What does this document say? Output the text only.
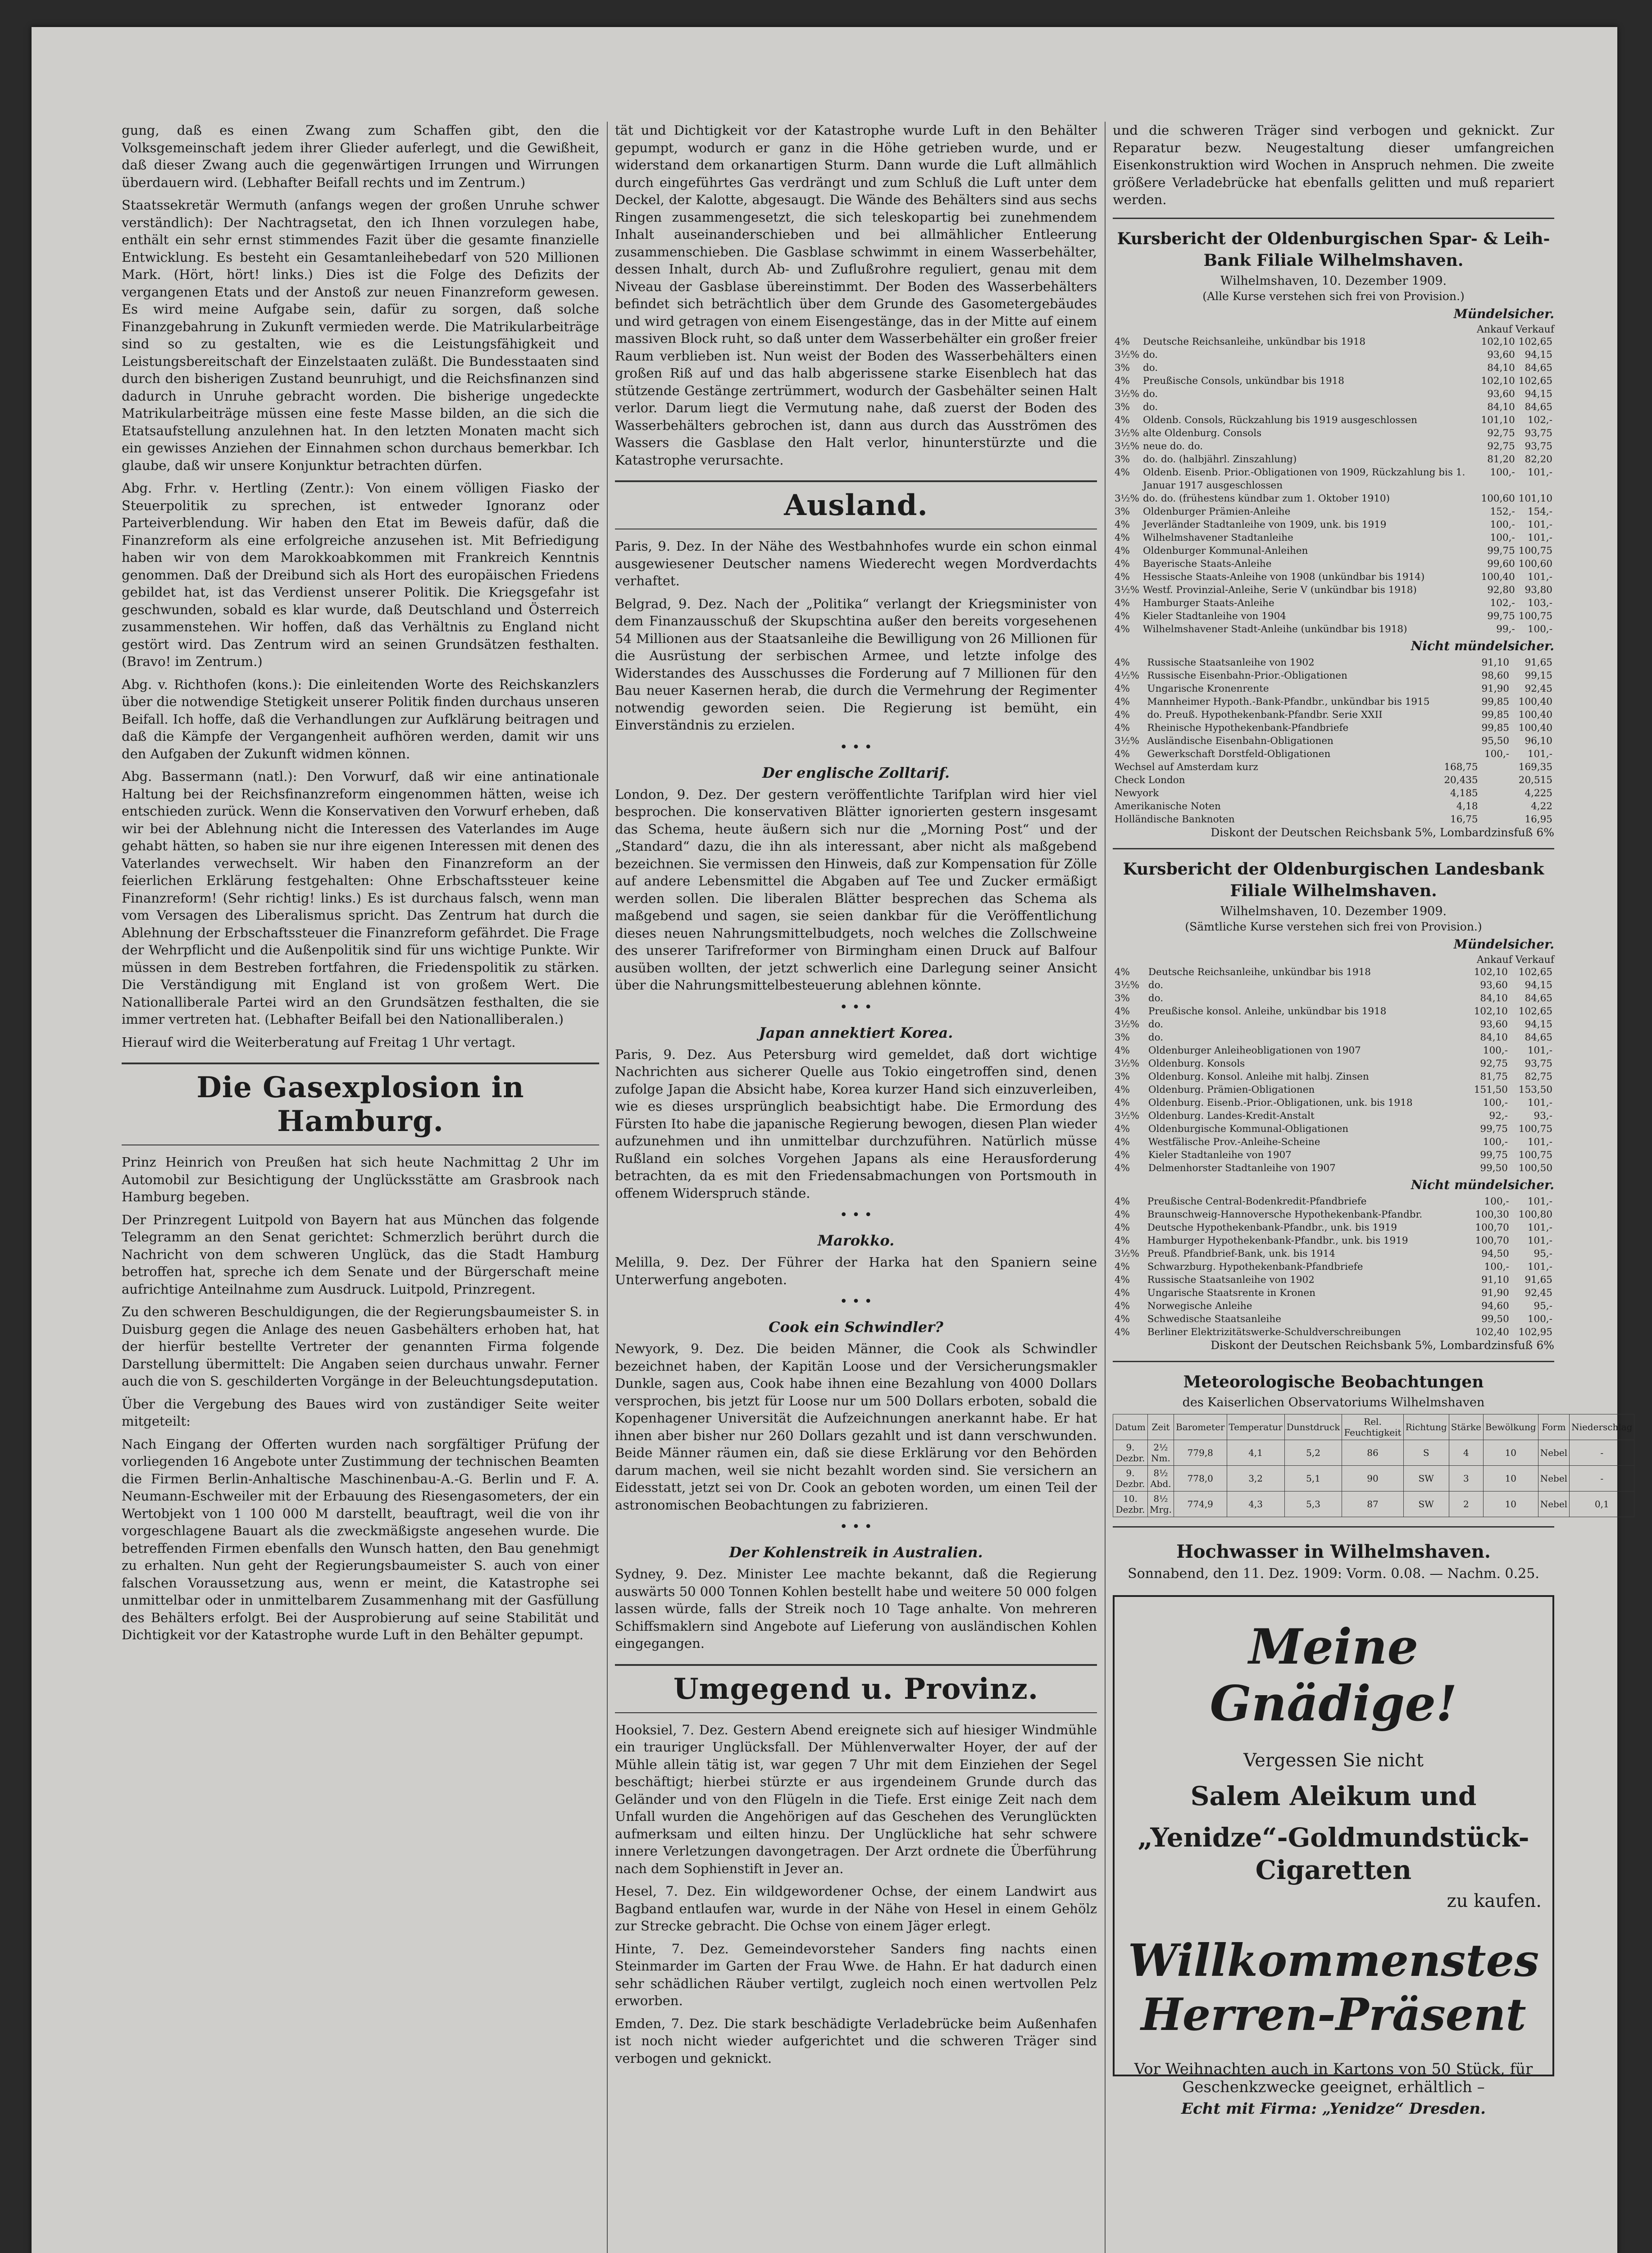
gung, daß es einen Zwang zum Schaffen gibt, den die Volksgemeinschaft jedem ihrer Glieder auferlegt, und die Gewißheit, daß dieser Zwang auch die gegenwärtigen Irrungen und Wirrungen überdauern wird. (Lebhafter Beifall rechts und im Zentrum.)

Staatssekretär Wermuth (anfangs wegen der großen Unruhe schwer verständlich): Der Nachtragsetat, den ich Ihnen vorzulegen habe, enthält ein sehr ernst stimmendes Fazit über die gesamte finanzielle Entwicklung. Es besteht ein Gesamtanleihebedarf von 520 Millionen Mark. (Hört, hört! links.) Dies ist die Folge des Defizits der vergangenen Etats und der Anstoß zur neuen Finanzreform gewesen. Es wird meine Aufgabe sein, dafür zu sorgen, daß solche Finanzgebahrung in Zukunft vermieden werde. Die Matrikularbeiträge sind so zu gestalten, wie es die Leistungsfähigkeit und Leistungsbereitschaft der Einzelstaaten zuläßt. Die Bundesstaaten sind durch den bisherigen Zustand beunruhigt, und die Reichsfinanzen sind dadurch in Unruhe gebracht worden. Die bisherige ungedeckte Matrikularbeiträge müssen eine feste Masse bilden, an die sich die Etatsaufstellung anzulehnen hat. In den letzten Monaten macht sich ein gewisses Anziehen der Einnahmen schon durchaus bemerkbar. Ich glaube, daß wir unsere Konjunktur betrachten dürfen.

Abg. Frhr. v. Hertling (Zentr.): Von einem völligen Fiasko der Steuerpolitik zu sprechen, ist entweder Ignoranz oder Parteiverblendung. Wir haben den Etat im Beweis dafür, daß die Finanzreform als eine erfolgreiche anzusehen ist. Mit Befriedigung haben wir von dem Marokkoabkommen mit Frankreich Kenntnis genommen. Daß der Dreibund sich als Hort des europäischen Friedens gebildet hat, ist das Verdienst unserer Politik. Die Kriegsgefahr ist geschwunden, sobald es klar wurde, daß Deutschland und Österreich zusammenstehen. Wir hoffen, daß das Verhältnis zu England nicht gestört wird. Das Zentrum wird an seinen Grundsätzen festhalten. (Bravo! im Zentrum.)

Abg. v. Richthofen (kons.): Die einleitenden Worte des Reichskanzlers über die notwendige Stetigkeit unserer Politik finden durchaus unseren Beifall. Ich hoffe, daß die Verhandlungen zur Aufklärung beitragen und daß die Kämpfe der Vergangenheit aufhören werden, damit wir uns den Aufgaben der Zukunft widmen können.

Abg. Bassermann (natl.): Den Vorwurf, daß wir eine antinationale Haltung bei der Reichsfinanzreform eingenommen hätten, weise ich entschieden zurück. Wenn die Konservativen den Vorwurf erheben, daß wir bei der Ablehnung nicht die Interessen des Vaterlandes im Auge gehabt hätten, so haben sie nur ihre eigenen Interessen mit denen des Vaterlandes verwechselt. Wir haben den Finanzreform an der feierlichen Erklärung festgehalten: Ohne Erbschaftssteuer keine Finanzreform! (Sehr richtig! links.) Es ist durchaus falsch, wenn man vom Versagen des Liberalismus spricht. Das Zentrum hat durch die Ablehnung der Erbschaftssteuer die Finanzreform gefährdet. Die Frage der Wehrpflicht und die Außenpolitik sind für uns wichtige Punkte. Wir müssen in dem Bestreben fortfahren, die Friedenspolitik zu stärken. Die Verständigung mit England ist von großem Wert. Die Nationalliberale Partei wird an den Grundsätzen festhalten, die sie immer vertreten hat. (Lebhafter Beifall bei den Nationalliberalen.)

Hierauf wird die Weiterberatung auf Freitag 1 Uhr vertagt.

Die Gasexplosion in Hamburg.

Prinz Heinrich von Preußen hat sich heute Nachmittag 2 Uhr im Automobil zur Besichtigung der Unglücksstätte am Grasbrook nach Hamburg begeben.

Der Prinzregent Luitpold von Bayern hat aus München das folgende Telegramm an den Senat gerichtet: Schmerzlich berührt durch die Nachricht von dem schweren Unglück, das die Stadt Hamburg betroffen hat, spreche ich dem Senate und der Bürgerschaft meine aufrichtige Anteilnahme zum Ausdruck. Luitpold, Prinzregent.

Zu den schweren Beschuldigungen, die der Regierungsbaumeister S. in Duisburg gegen die Anlage des neuen Gasbehälters erhoben hat, hat der hierfür bestellte Vertreter der genannten Firma folgende Darstellung übermittelt: Die Angaben seien durchaus unwahr. Ferner auch die von S. geschilderten Vorgänge in der Beleuchtungsdeputation.

Über die Vergebung des Baues wird von zuständiger Seite weiter mitgeteilt:

Nach Eingang der Offerten wurden nach sorgfältiger Prüfung der vorliegenden 16 Angebote unter Zustimmung der technischen Beamten die Firmen Berlin-Anhaltische Maschinenbau-A.-G. Berlin und F. A. Neumann-Eschweiler mit der Erbauung des Riesengasometers, der ein Wertobjekt von 1 100 000 M darstellt, beauftragt, weil die von ihr vorgeschlagene Bauart als die zweckmäßigste angesehen wurde. Die betreffenden Firmen ebenfalls den Wunsch hatten, den Bau genehmigt zu erhalten. Nun geht der Regierungsbaumeister S. auch von einer falschen Voraussetzung aus, wenn er meint, die Katastrophe sei unmittelbar oder in unmittelbarem Zusammenhang mit der Gasfüllung des Behälters erfolgt. Bei der Ausprobierung auf seine Stabilität und Dichtigkeit vor der Katastrophe wurde Luft in den Behälter gepumpt.

tät und Dichtigkeit vor der Katastrophe wurde Luft in den Behälter gepumpt, wodurch er ganz in die Höhe getrieben wurde, und er widerstand dem orkanartigen Sturm. Dann wurde die Luft allmählich durch eingeführtes Gas verdrängt und zum Schluß die Luft unter dem Deckel, der Kalotte, abgesaugt. Die Wände des Behälters sind aus sechs Ringen zusammengesetzt, die sich teleskopartig bei zunehmendem Inhalt auseinanderschieben und bei allmählicher Entleerung zusammenschieben. Die Gasblase schwimmt in einem Wasserbehälter, dessen Inhalt, durch Ab- und Zuflußrohre reguliert, genau mit dem Niveau der Gasblase übereinstimmt. Der Boden des Wasserbehälters befindet sich beträchtlich über dem Grunde des Gasometergebäudes und wird getragen von einem Eisengestänge, das in der Mitte auf einem massiven Block ruht, so daß unter dem Wasserbehälter ein großer freier Raum verblieben ist. Nun weist der Boden des Wasserbehälters einen großen Riß auf und das halb abgerissene starke Eisenblech hat das stützende Gestänge zertrümmert, wodurch der Gasbehälter seinen Halt verlor. Darum liegt die Vermutung nahe, daß zuerst der Boden des Wasserbehälters gebrochen ist, dann aus durch das Ausströmen des Wassers die Gasblase den Halt verlor, hinunterstürzte und die Katastrophe verursachte.

Ausland.

Paris, 9. Dez. In der Nähe des Westbahnhofes wurde ein schon einmal ausgewiesener Deutscher namens Wiederecht wegen Mordverdachts verhaftet.

Belgrad, 9. Dez. Nach der „Politika“ verlangt der Kriegsminister von dem Finanzausschuß der Skupschtina außer den bereits vorgesehenen 54 Millionen aus der Staatsanleihe die Bewilligung von 26 Millionen für die Ausrüstung der serbischen Armee, und letzte infolge des Widerstandes des Ausschusses die Forderung auf 7 Millionen für den Bau neuer Kasernen herab, die durch die Vermehrung der Regimenter notwendig geworden seien. Die Regierung ist bemüht, ein Einverständnis zu erzielen.

• • •
Der englische Zolltarif.

London, 9. Dez. Der gestern veröffentlichte Tarifplan wird hier viel besprochen. Die konservativen Blätter ignorierten gestern insgesamt das Schema, heute äußern sich nur die „Morning Post“ und der „Standard“ dazu, die ihn als interessant, aber nicht als maßgebend bezeichnen. Sie vermissen den Hinweis, daß zur Kompensation für Zölle auf andere Lebensmittel die Abgaben auf Tee und Zucker ermäßigt werden sollen. Die liberalen Blätter besprechen das Schema als maßgebend und sagen, sie seien dankbar für die Veröffentlichung dieses neuen Nahrungsmittelbudgets, noch welches die Zollschweine des unserer Tarifreformer von Birmingham einen Druck auf Balfour ausüben wollten, der jetzt schwerlich eine Darlegung seiner Ansicht über die Nahrungsmittelbesteuerung ablehnen könnte.

• • •
Japan annektiert Korea.

Paris, 9. Dez. Aus Petersburg wird gemeldet, daß dort wichtige Nachrichten aus sicherer Quelle aus Tokio eingetroffen sind, denen zufolge Japan die Absicht habe, Korea kurzer Hand sich einzuverleiben, wie es dieses ursprünglich beabsichtigt habe. Die Ermordung des Fürsten Ito habe die japanische Regierung bewogen, diesen Plan wieder aufzunehmen und ihn unmittelbar durchzuführen. Natürlich müsse Rußland ein solches Vorgehen Japans als eine Herausforderung betrachten, da es mit den Friedensabmachungen von Portsmouth in offenem Widerspruch stände.

• • •
Marokko.

Melilla, 9. Dez. Der Führer der Harka hat den Spaniern seine Unterwerfung angeboten.

• • •
Cook ein Schwindler?

Newyork, 9. Dez. Die beiden Männer, die Cook als Schwindler bezeichnet haben, der Kapitän Loose und der Versicherungsmakler Dunkle, sagen aus, Cook habe ihnen eine Bezahlung von 4000 Dollars versprochen, bis jetzt für Loose nur um 500 Dollars erboten, sobald die Kopenhagener Universität die Aufzeichnungen anerkannt habe. Er hat ihnen aber bisher nur 260 Dollars gezahlt und ist dann verschwunden. Beide Männer räumen ein, daß sie diese Erklärung vor den Behörden darum machen, weil sie nicht bezahlt worden sind. Sie versichern an Eidesstatt, jetzt sei von Dr. Cook an geboten worden, um einen Teil der astronomischen Beobachtungen zu fabrizieren.

• • •
Der Kohlenstreik in Australien.

Sydney, 9. Dez. Minister Lee machte bekannt, daß die Regierung auswärts 50 000 Tonnen Kohlen bestellt habe und weitere 50 000 folgen lassen würde, falls der Streik noch 10 Tage anhalte. Von mehreren Schiffsmaklern sind Angebote auf Lieferung von ausländischen Kohlen eingegangen.

Umgegend u. Provinz.

Hooksiel, 7. Dez. Gestern Abend ereignete sich auf hiesiger Windmühle ein trauriger Unglücksfall. Der Mühlenverwalter Hoyer, der auf der Mühle allein tätig ist, war gegen 7 Uhr mit dem Einziehen der Segel beschäftigt; hierbei stürzte er aus irgendeinem Grunde durch das Geländer und von den Flügeln in die Tiefe. Erst einige Zeit nach dem Unfall wurden die Angehörigen auf das Geschehen des Verunglückten aufmerksam und eilten hinzu. Der Unglückliche hat sehr schwere innere Verletzungen davongetragen. Der Arzt ordnete die Überführung nach dem Sophienstift in Jever an.

Hesel, 7. Dez. Ein wildgewordener Ochse, der einem Landwirt aus Bagband entlaufen war, wurde in der Nähe von Hesel in einem Gehölz zur Strecke gebracht. Die Ochse von einem Jäger erlegt.

Hinte, 7. Dez. Gemeindevorsteher Sanders fing nachts einen Steinmarder im Garten der Frau Wwe. de Hahn. Er hat dadurch einen sehr schädlichen Räuber vertilgt, zugleich noch einen wertvollen Pelz erworben.

Emden, 7. Dez. Die stark beschädigte Verladebrücke beim Außenhafen ist noch nicht wieder aufgerichtet und die schweren Träger sind verbogen und geknickt.

und die schweren Träger sind verbogen und geknickt. Zur Reparatur bezw. Neugestaltung dieser umfangreichen Eisenkonstruktion wird Wochen in Anspruch nehmen. Die zweite größere Verladebrücke hat ebenfalls gelitten und muß repariert werden.

Kursbericht der Oldenburgischen Spar- & Leih-Bank Filiale Wilhelmshaven.
Wilhelmshaven, 10. Dezember 1909.
(Alle Kurse verstehen sich frei von Provision.)
Mündelsicher.
Ankauf Verkauf
4%	Deutsche Reichsanleihe, unkündbar bis 1918	102,10	102,65
3½%	do.	93,60	94,15
3%	do.	84,10	84,65
4%	Preußische Consols, unkündbar bis 1918	102,10	102,65
3½%	do.	93,60	94,15
3%	do.	84,10	84,65
4%	Oldenb. Consols, Rückzahlung bis 1919 ausgeschlossen	101,10	102,-
3½%	alte Oldenburg. Consols	92,75	93,75
3½%	neue do. do.	92,75	93,75
3%	do. do. (halbjährl. Zinszahlung)	81,20	82,20
4%	Oldenb. Eisenb. Prior.-Obligationen von 1909, Rückzahlung bis 1. Januar 1917 ausgeschlossen	100,-	101,-
3½%	do. do. (frühestens kündbar zum 1. Oktober 1910)	100,60	101,10
3%	Oldenburger Prämien-Anleihe	152,-	154,-
4%	Jeverländer Stadtanleihe von 1909, unk. bis 1919	100,-	101,-
4%	Wilhelmshavener Stadtanleihe	100,-	101,-
4%	Oldenburger Kommunal-Anleihen	99,75	100,75
4%	Bayerische Staats-Anleihe	99,60	100,60
4%	Hessische Staats-Anleihe von 1908 (unkündbar bis 1914)	100,40	101,-
3½%	Westf. Provinzial-Anleihe, Serie V (unkündbar bis 1918)	92,80	93,80
4%	Hamburger Staats-Anleihe	102,-	103,-
4%	Kieler Stadtanleihe von 1904	99,75	100,75
4%	Wilhelmshavener Stadt-Anleihe (unkündbar bis 1918)	99,-	100,-
Nicht mündelsicher.
4%	Russische Staatsanleihe von 1902	91,10	91,65
4½%	Russische Eisenbahn-Prior.-Obligationen	98,60	99,15
4%	Ungarische Kronenrente	91,90	92,45
4%	Mannheimer Hypoth.-Bank-Pfandbr., unkündbar bis 1915	99,85	100,40
4%	do. Preuß. Hypothekenbank-Pfandbr. Serie XXII	99,85	100,40
4%	Rheinische Hypothekenbank-Pfandbriefe	99,85	100,40
3½%	Ausländische Eisenbahn-Obligationen	95,50	96,10
4%	Gewerkschaft Dorstfeld-Obligationen	100,-	101,-
Wechsel auf Amsterdam kurz	168,75	169,35
Check London	20,435	20,515
Newyork	4,185	4,225
Amerikanische Noten	4,18	4,22
Holländische Banknoten	16,75	16,95
Diskont der Deutschen Reichsbank 5%, Lombardzinsfuß 6%
Kursbericht der Oldenburgischen Landesbank Filiale Wilhelmshaven.
Wilhelmshaven, 10. Dezember 1909.
(Sämtliche Kurse verstehen sich frei von Provision.)
Mündelsicher.
Ankauf Verkauf
4%	Deutsche Reichsanleihe, unkündbar bis 1918	102,10	102,65
3½%	do.	93,60	94,15
3%	do.	84,10	84,65
4%	Preußische konsol. Anleihe, unkündbar bis 1918	102,10	102,65
3½%	do.	93,60	94,15
3%	do.	84,10	84,65
4%	Oldenburger Anleiheobligationen von 1907	100,-	101,-
3½%	Oldenburg. Konsols	92,75	93,75
3%	Oldenburg. Konsol. Anleihe mit halbj. Zinsen	81,75	82,75
4%	Oldenburg. Prämien-Obligationen	151,50	153,50
4%	Oldenburg. Eisenb.-Prior.-Obligationen, unk. bis 1918	100,-	101,-
3½%	Oldenburg. Landes-Kredit-Anstalt	92,-	93,-
4%	Oldenburgische Kommunal-Obligationen	99,75	100,75
4%	Westfälische Prov.-Anleihe-Scheine	100,-	101,-
4%	Kieler Stadtanleihe von 1907	99,75	100,75
4%	Delmenhorster Stadtanleihe von 1907	99,50	100,50
Nicht mündelsicher.
4%	Preußische Central-Bodenkredit-Pfandbriefe	100,-	101,-
4%	Braunschweig-Hannoversche Hypothekenbank-Pfandbr.	100,30	100,80
4%	Deutsche Hypothekenbank-Pfandbr., unk. bis 1919	100,70	101,-
4%	Hamburger Hypothekenbank-Pfandbr., unk. bis 1919	100,70	101,-
3½%	Preuß. Pfandbrief-Bank, unk. bis 1914	94,50	95,-
4%	Schwarzburg. Hypothekenbank-Pfandbriefe	100,-	101,-
4%	Russische Staatsanleihe von 1902	91,10	91,65
4%	Ungarische Staatsrente in Kronen	91,90	92,45
4%	Norwegische Anleihe	94,60	95,-
4%	Schwedische Staatsanleihe	99,50	100,-
4%	Berliner Elektrizitätswerke-Schuldverschreibungen	102,40	102,95
Diskont der Deutschen Reichsbank 5%, Lombardzinsfuß 6%
Meteorologische Beobachtungen
des Kaiserlichen Observatoriums Wilhelmshaven
Datum	Zeit	Barometer	Temperatur	Dunstdruck	Rel. Feuchtigkeit	Richtung	Stärke	Bewölkung	Form	Niederschlag
9. Dezbr.	2½ Nm.	779,8	4,1	5,2	86	S	4	10	Nebel	-
9. Dezbr.	8½ Abd.	778,0	3,2	5,1	90	SW	3	10	Nebel	-
10. Dezbr.	8½ Mrg.	774,9	4,3	5,3	87	SW	2	10	Nebel	0,1
Hochwasser in Wilhelmshaven.
Sonnabend, den 11. Dez. 1909: Vorm. 0.08. — Nachm. 0.25.
Meine Gnädige!
Vergessen Sie nicht
Salem Aleikum und
„Yenidze“-Goldmundstück-Cigaretten
zu kaufen.
Willkommenstes Herren-Präsent
Vor Weihnachten auch in Kartons von 50 Stück, für Geschenkzwecke geeignet, erhältlich –
Echt mit Firma: „Yenidze“ Dresden.
